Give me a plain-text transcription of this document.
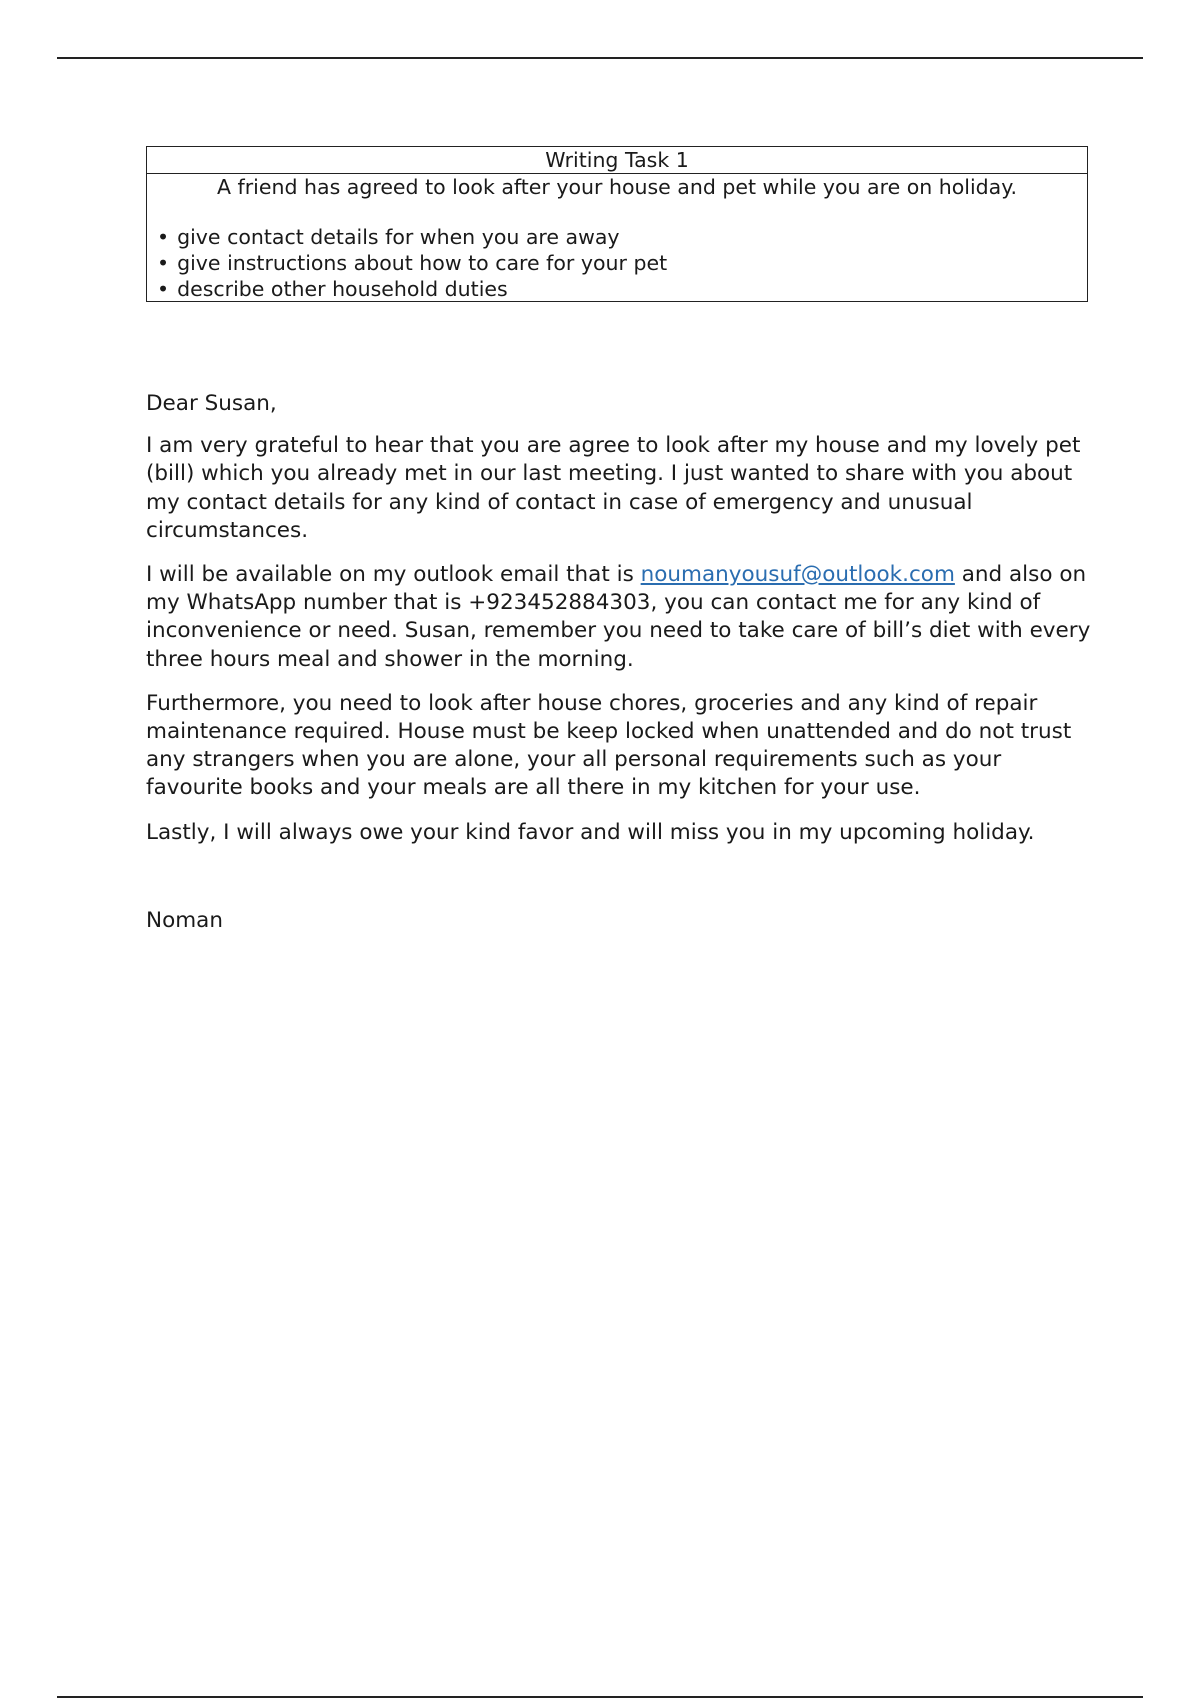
Writing Task 1
A friend has agreed to look after your house and pet while you are on holiday.
• give contact details for when you are away
• give instructions about how to care for your pet
• describe other household duties

Dear Susan,

I am very grateful to hear that you are agree to look after my house and my lovely pet (bill) which you already met in our last meeting. I just wanted to share with you about my contact details for any kind of contact in case of emergency and unusual circumstances.

I will be available on my outlook email that is noumanyousuf@outlook.com and also on my WhatsApp number that is +923452884303, you can contact me for any kind of inconvenience or need. Susan, remember you need to take care of bill’s diet with every three hours meal and shower in the morning.

Furthermore, you need to look after house chores, groceries and any kind of repair maintenance required. House must be keep locked when unattended and do not trust any strangers when you are alone, your all personal requirements such as your favourite books and your meals are all there in my kitchen for your use.

Lastly, I will always owe your kind favor and will miss you in my upcoming holiday.

Noman
